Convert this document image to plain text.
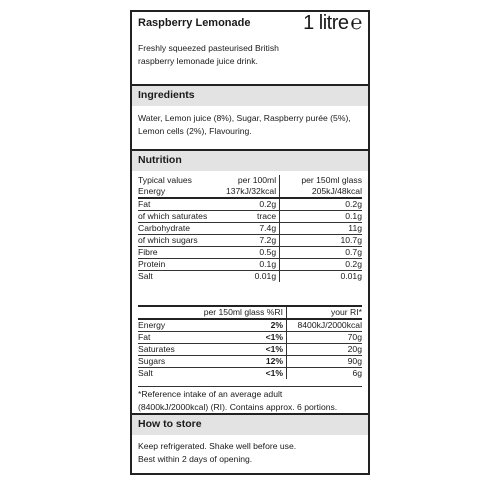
Raspberry Lemonade	1 litre ℮
Freshly squeezed pasteurised British
raspberry lemonade juice drink.
Ingredients
Water, Lemon juice (8%), Sugar, Raspberry purée (5%),
Lemon cells (2%), Flavouring.
Nutrition
Typical values	per 100ml	per 150ml glass
Energy	137kJ/32kcal	205kJ/48kcal
Fat	0.2g	0.2g
of which saturates	trace	0.1g
Carbohydrate	7.4g	11g
of which sugars	7.2g	10.7g
Fibre	0.5g	0.7g
Protein	0.1g	0.2g
Salt	0.01g	0.01g
	per 150ml glass %RI	your RI*
Energy	2%	8400kJ/2000kcal
Fat	<1%	70g
Saturates	<1%	20g
Sugars	12%	90g
Salt	<1%	6g
*Reference intake of an average adult
(8400kJ/2000kcal) (RI). Contains approx. 6 portions.
How to store
Keep refrigerated. Shake well before use.
Best within 2 days of opening.
